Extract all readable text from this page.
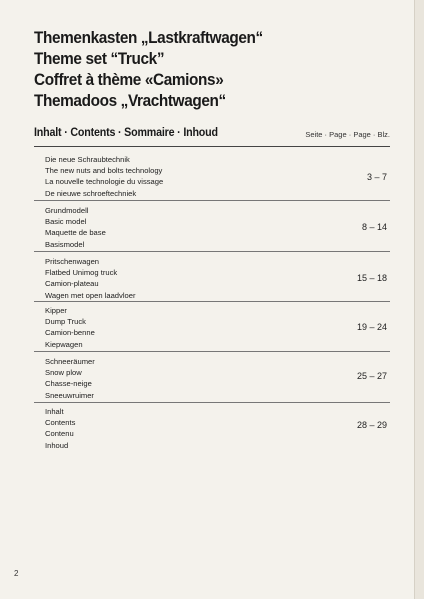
Themenkasten „Lastkraftwagen“
Theme set “Truck”
Coffret à thème «Camions»
Themadoos „Vrachtwagen“
Inhalt · Contents · Sommaire · Inhoud	Seite · Page · Page · Blz.
Die neue Schraubtechnik
The new nuts and bolts technology
La nouvelle technologie du vissage
De nieuwe schroeftechniek
3 – 7
Grundmodell
Basic model
Maquette de base
Basismodel
8 – 14
Pritschenwagen
Flatbed Unimog truck
Camion-plateau
Wagen met open laadvloer
15 – 18
Kipper
Dump Truck
Camion-benne
Kiepwagen
19 – 24
Schneeräumer
Snow plow
Chasse-neige
Sneeuwruimer
25 – 27
Inhalt
Contents
Contenu
Inhoud
28 – 29
2
